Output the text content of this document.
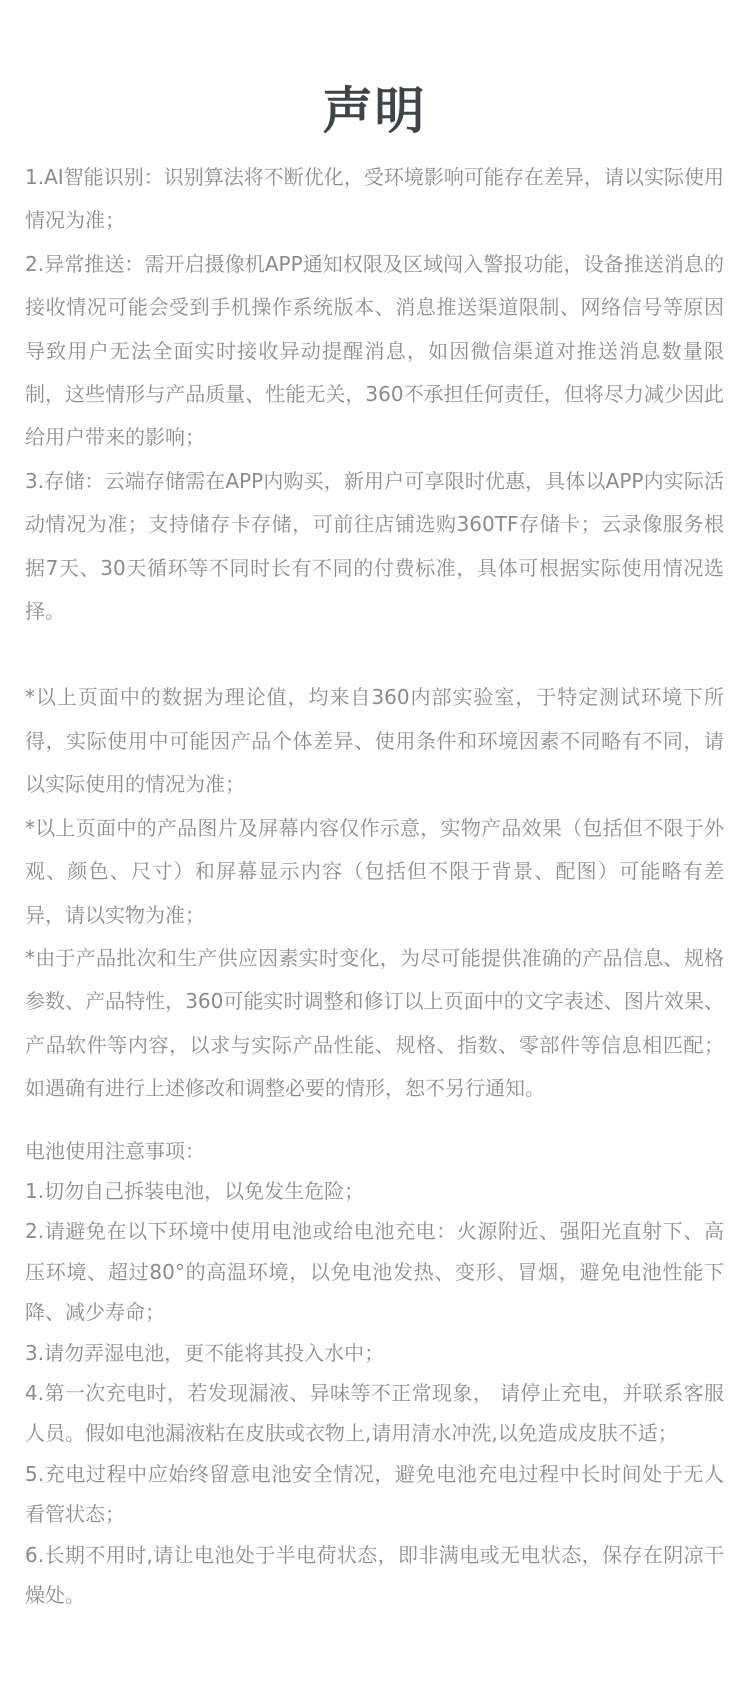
声明

1.AI智能识别：识别算法将不断优化，受环境影响可能存在差异，请以实际使用情况为准；

2.异常推送：需开启摄像机APP通知权限及区域闯入警报功能，设备推送消息的接收情况可能会受到手机操作系统版本、消息推送渠道限制、网络信号等原因导致用户无法全面实时接收异动提醒消息，如因微信渠道对推送消息数量限制，这些情形与产品质量、性能无关，360不承担任何责任，但将尽力减少因此给用户带来的影响；

3.存储：云端存储需在APP内购买，新用户可享限时优惠，具体以APP内实际活动情况为准；支持储存卡存储，可前往店铺选购360TF存储卡；云录像服务根据7天、30天循环等不同时长有不同的付费标准，具体可根据实际使用情况选择。

*以上页面中的数据为理论值，均来自360内部实验室，于特定测试环境下所得，实际使用中可能因产品个体差异、使用条件和环境因素不同略有不同，请以实际使用的情况为准；

*以上页面中的产品图片及屏幕内容仅作示意，实物产品效果（包括但不限于外观、颜色、尺寸）和屏幕显示内容（包括但不限于背景、配图）可能略有差异，请以实物为准；

*由于产品批次和生产供应因素实时变化，为尽可能提供准确的产品信息、规格参数、产品特性，360可能实时调整和修订以上页面中的文字表述、图片效果、产品软件等内容，以求与实际产品性能、规格、指数、零部件等信息相匹配；如遇确有进行上述修改和调整必要的情形，恕不另行通知。

电池使用注意事项：

1.切勿自己拆装电池，以免发生危险；

2.请避免在以下环境中使用电池或给电池充电：火源附近、强阳光直射下、高压环境、超过80°的高温环境，以免电池发热、变形、冒烟，避免电池性能下降、减少寿命；

3.请勿弄湿电池，更不能将其投入水中；

4.第一次充电时，若发现漏液、异味等不正常现象， 请停止充电，并联系客服人员。假如电池漏液粘在皮肤或衣物上,请用清水冲洗,以免造成皮肤不适；

5.充电过程中应始终留意电池安全情况，避免电池充电过程中长时间处于无人看管状态；

6.长期不用时,请让电池处于半电荷状态，即非满电或无电状态，保存在阴凉干燥处。
